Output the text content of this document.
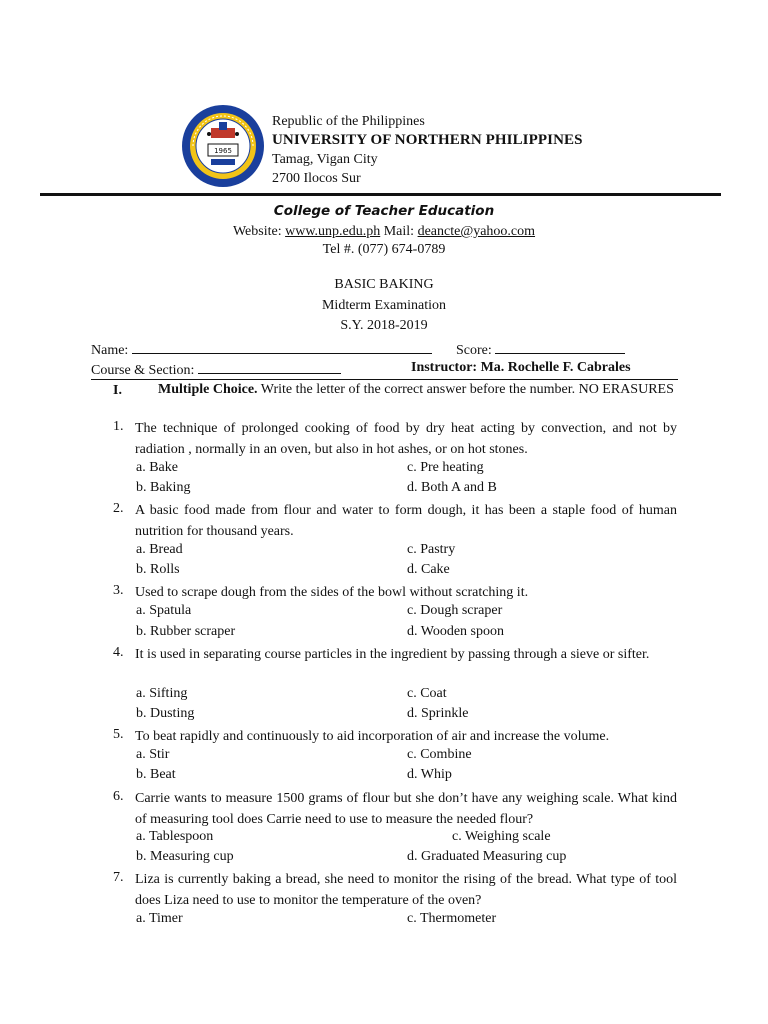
1965
Republic of the Philippines
UNIVERSITY OF NORTHERN PHILIPPINES
Tamag, Vigan City
2700 Ilocos Sur
College of Teacher Education
Website: www.unp.edu.ph Mail: deancte@yahoo.com
Tel #. (077) 674-0789
BASIC BAKING
Midterm Examination
S.Y. 2018-2019
Name:	Score:
Course & Section:	Instructor: Ma. Rochelle F. Cabrales
I.	Multiple Choice. Write the letter of the correct answer before the number. NO ERASURES
1. The technique of prolonged cooking of food by dry heat acting by convection, and not by radiation , normally in an oven, but also in hot ashes, or on hot stones.
a. Bake	c. Pre heating
b. Baking	d. Both A and B
2. A basic food made from flour and water to form dough, it has been a staple food of human nutrition for thousand years.
a. Bread	c. Pastry
b. Rolls	d. Cake
3. Used to scrape dough from the sides of the bowl without scratching it.
a. Spatula	c. Dough scraper
b. Rubber scraper	d. Wooden spoon
4. It is used in separating course particles in the ingredient by passing through a sieve or sifter.
a. Sifting	c. Coat
b. Dusting	d. Sprinkle
5. To beat rapidly and continuously to aid incorporation of air and increase the volume.
a. Stir	c. Combine
b. Beat	d. Whip
6. Carrie wants to measure 1500 grams of flour but she don’t have any weighing scale. What kind of measuring tool does Carrie need to use to measure the needed flour?
a. Tablespoon	c. Weighing scale
b. Measuring cup	d. Graduated Measuring cup
7. Liza is currently baking a bread, she need to monitor the rising of the bread. What type of tool does Liza need to use to monitor the temperature of the oven?
a. Timer	c. Thermometer
